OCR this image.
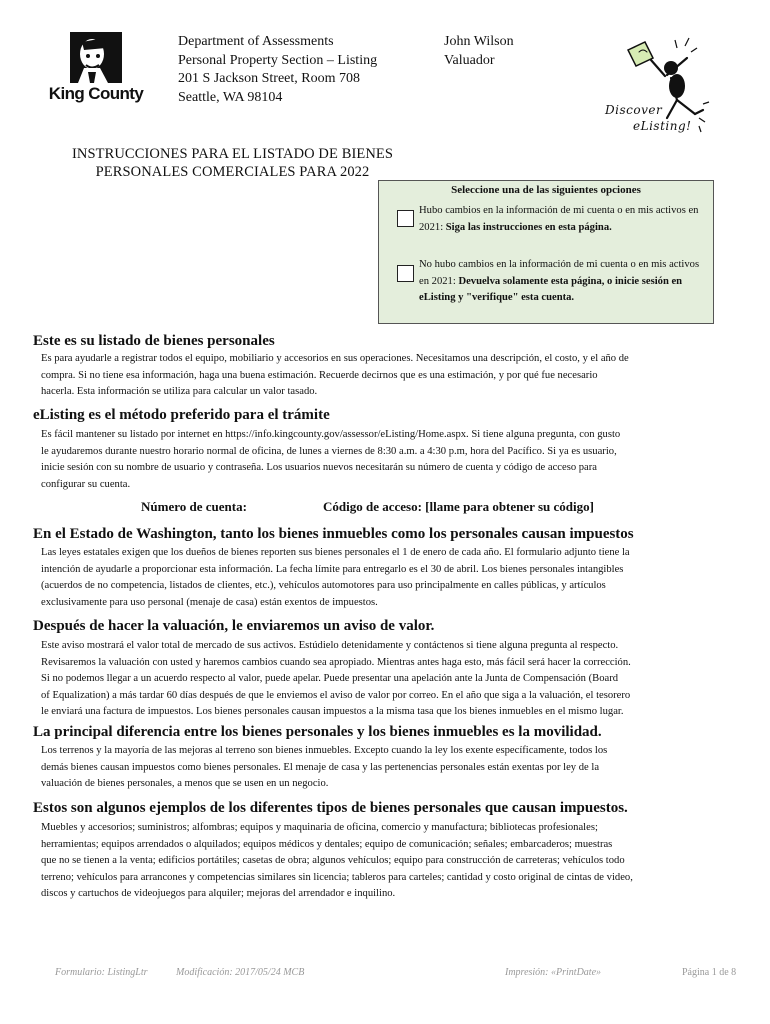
King County
Department of Assessments
Personal Property Section – Listing
201 S Jackson Street, Room 708
Seattle, WA 98104
John Wilson
Valuador
Discover
eListing!
INSTRUCCIONES PARA EL LISTADO DE BIENES
PERSONALES COMERCIALES PARA 2022
Seleccione una de las siguientes opciones
Hubo cambios en la información de mi cuenta o en mis activos en 2021: Siga las instrucciones en esta página.
No hubo cambios en la información de mi cuenta o en mis activos en 2021: Devuelva solamente esta página, o inicie sesión en eListing y "verifique" esta cuenta.
Este es su listado de bienes personales
Es para ayudarle a registrar todos el equipo, mobiliario y accesorios en sus operaciones. Necesitamos una descripción, el costo, y el año de
compra. Si no tiene esa información, haga una buena estimación. Recuerde decirnos que es una estimación, y por qué fue necesario
hacerla. Esta información se utiliza para calcular un valor tasado.
eListing es el método preferido para el trámite
Es fácil mantener su listado por internet en https://info.kingcounty.gov/assessor/eListing/Home.aspx. Si tiene alguna pregunta, con gusto
le ayudaremos durante nuestro horario normal de oficina, de lunes a viernes de 8:30 a.m. a 4:30 p.m, hora del Pacífico. Si ya es usuario,
inicie sesión con su nombre de usuario y contraseña. Los usuarios nuevos necesitarán su número de cuenta y código de acceso para
configurar su cuenta.
Número de cuenta:	Código de acceso: [llame para obtener su código]
En el Estado de Washington, tanto los bienes inmuebles como los personales causan impuestos
Las leyes estatales exigen que los dueños de bienes reporten sus bienes personales el 1 de enero de cada año. El formulario adjunto tiene la
intención de ayudarle a proporcionar esta información. La fecha límite para entregarlo es el 30 de abril. Los bienes personales intangibles
(acuerdos de no competencia, listados de clientes, etc.), vehículos automotores para uso principalmente en calles públicas, y artículos
exclusivamente para uso personal (menaje de casa) están exentos de impuestos.
Después de hacer la valuación, le enviaremos un aviso de valor.
Este aviso mostrará el valor total de mercado de sus activos. Estúdielo detenidamente y contáctenos si tiene alguna pregunta al respecto.
Revisaremos la valuación con usted y haremos cambios cuando sea apropiado. Mientras antes haga esto, más fácil será hacer la corrección.
Si no podemos llegar a un acuerdo respecto al valor, puede apelar. Puede presentar una apelación ante la Junta de Compensación (Board
of Equalization) a más tardar 60 días después de que le enviemos el aviso de valor por correo. En el año que siga a la valuación, el tesorero
le enviará una factura de impuestos. Los bienes personales causan impuestos a la misma tasa que los bienes inmuebles en el mismo lugar.
La principal diferencia entre los bienes personales y los bienes inmuebles es la movilidad.
Los terrenos y la mayoría de las mejoras al terreno son bienes inmuebles. Excepto cuando la ley los exente específicamente, todos los
demás bienes causan impuestos como bienes personales. El menaje de casa y las pertenencias personales están exentas por ley de la
valuación de bienes personales, a menos que se usen en un negocio.
Estos son algunos ejemplos de los diferentes tipos de bienes personales que causan impuestos.
Muebles y accesorios; suministros; alfombras; equipos y maquinaria de oficina, comercio y manufactura; bibliotecas profesionales;
herramientas; equipos arrendados o alquilados; equipos médicos y dentales; equipo de comunicación; señales; embarcaderos; muestras
que no se tienen a la venta; edificios portátiles; casetas de obra; algunos vehículos; equipo para construcción de carreteras; vehículos todo
terreno; vehículos para arrancones y competencias similares sin licencia; tableros para carteles; cantidad y costo original de cintas de video,
discos y cartuchos de videojuegos para alquiler; mejoras del arrendador e inquilino.
Formulario: ListingLtr	Modificación: 2017/05/24 MCB	Impresión: «PrintDate»	Página 1 de 8
